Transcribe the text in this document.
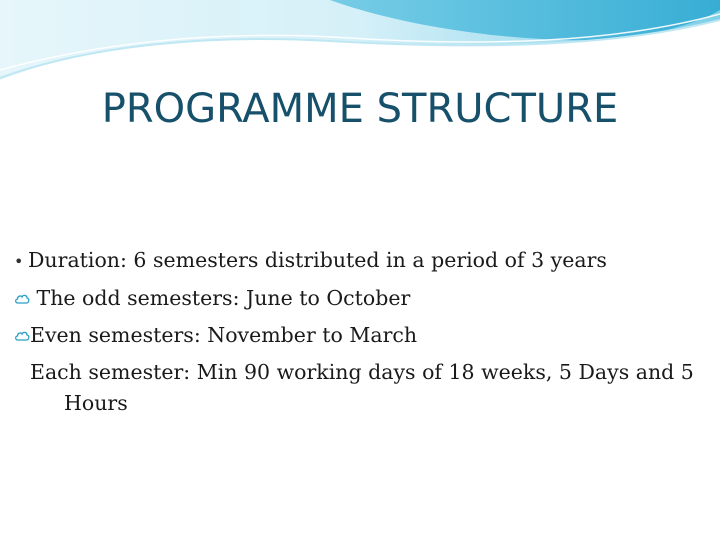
PROGRAMME STRUCTURE
• Duration: 6 semesters distributed in a period of 3 years
The odd semesters: June to October
Even semesters: November to March
Each semester: Min 90 working days of 18 weeks, 5 Days and 5 Hours
